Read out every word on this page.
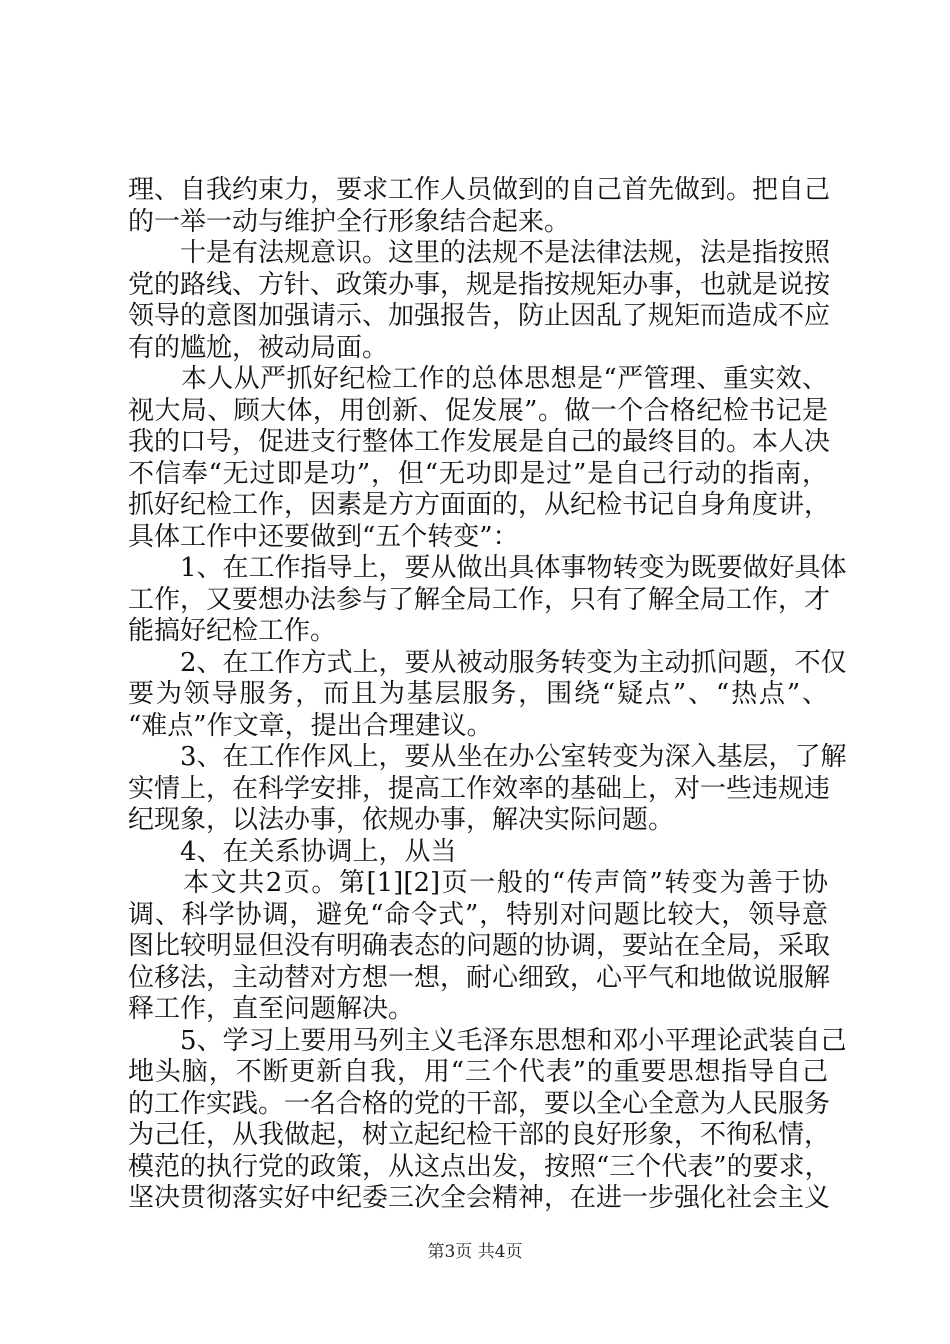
理、自我约束力，要求工作人员做到的自己首先做到。把自己
的一举一动与维护全行形象结合起来。
　　十是有法规意识。这里的法规不是法律法规，法是指按照
党的路线、方针、政策办事，规是指按规矩办事，也就是说按
领导的意图加强请示、加强报告，防止因乱了规矩而造成不应
有的尴尬，被动局面。
　　本人从严抓好纪检工作的总体思想是“严管理、重实效、
视大局、顾大体，用创新、促发展”。做一个合格纪检书记是
我的口号，促进支行整体工作发展是自己的最终目的。本人决
不信奉“无过即是功”，但“无功即是过”是自己行动的指南，
抓好纪检工作，因素是方方面面的，从纪检书记自身角度讲，
具体工作中还要做到“五个转变”：
　　1、在工作指导上，要从做出具体事物转变为既要做好具体
工作，又要想办法参与了解全局工作，只有了解全局工作，才
能搞好纪检工作。
　　2、在工作方式上，要从被动服务转变为主动抓问题，不仅
要为领导服务，而且为基层服务，围绕“疑点”、“热点”、
“难点”作文章，提出合理建议。
　　3、在工作作风上，要从坐在办公室转变为深入基层，了解
实情上，在科学安排，提高工作效率的基础上，对一些违规违
纪现象，以法办事，依规办事，解决实际问题。
　　4、在关系协调上，从当
　　本文共2页。第[1][2]页一般的“传声筒”转变为善于协
调、科学协调，避免“命令式”，特别对问题比较大，领导意
图比较明显但没有明确表态的问题的协调，要站在全局，采取
位移法，主动替对方想一想，耐心细致，心平气和地做说服解
释工作，直至问题解决。
　　5、学习上要用马列主义毛泽东思想和邓小平理论武装自己
地头脑，不断更新自我，用“三个代表”的重要思想指导自己
的工作实践。一名合格的党的干部，要以全心全意为人民服务
为己任，从我做起，树立起纪检干部的良好形象，不徇私情，
模范的执行党的政策，从这点出发，按照“三个代表”的要求，
坚决贯彻落实好中纪委三次全会精神，在进一步强化社会主义
第3页 共4页
